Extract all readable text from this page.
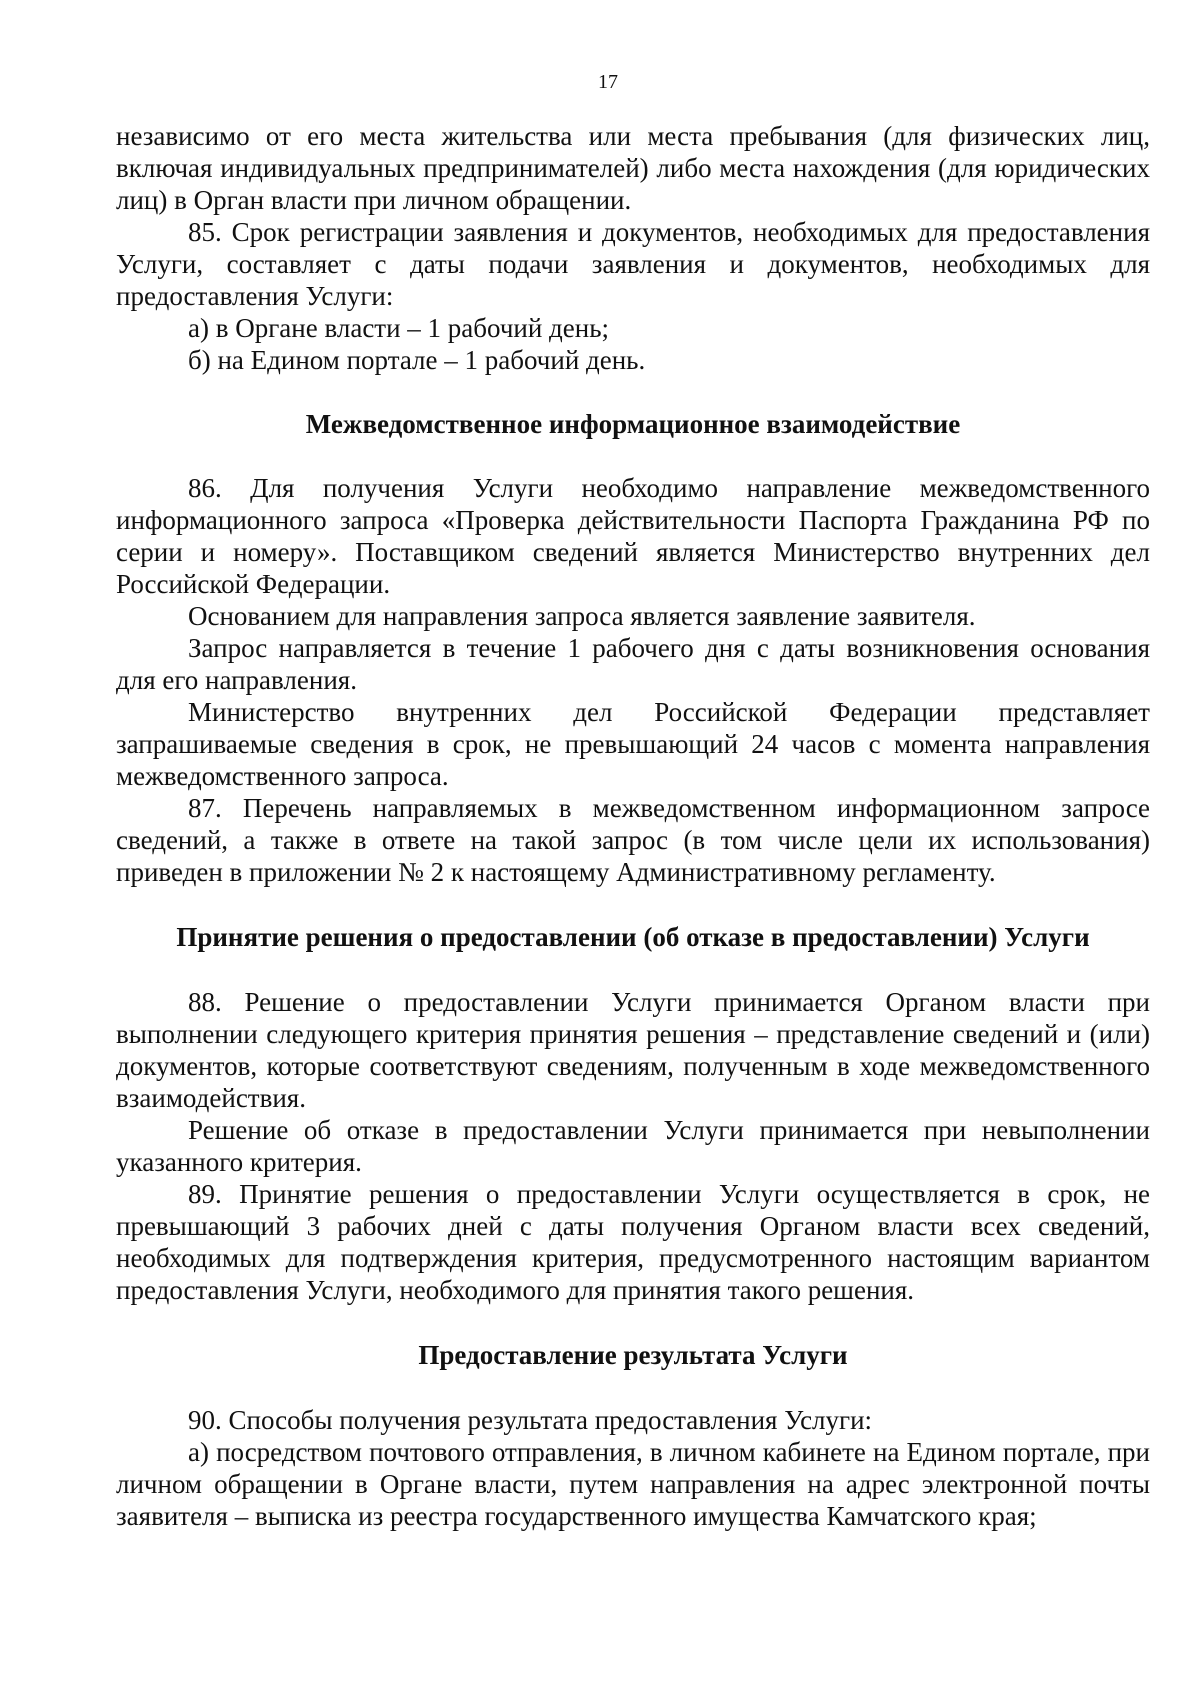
17

независимо от его места жительства или места пребывания (для физических лиц, включая индивидуальных предпринимателей) либо места нахождения (для юридических лиц) в Орган власти при личном обращении.

85. Срок регистрации заявления и документов, необходимых для предоставления Услуги, составляет с даты подачи заявления и документов, необходимых для предоставления Услуги:

а) в Органе власти – 1 рабочий день;

б) на Едином портале – 1 рабочий день.

Межведомственное информационное взаимодействие

86. Для получения Услуги необходимо направление межведомственного информационного запроса «Проверка действительности Паспорта Гражданина РФ по серии и номеру». Поставщиком сведений является Министерство внутренних дел Российской Федерации.

Основанием для направления запроса является заявление заявителя.

Запрос направляется в течение 1 рабочего дня с даты возникновения основания для его направления.

Министерство внутренних дел Российской Федерации представляет запрашиваемые сведения в срок, не превышающий 24 часов с момента направления межведомственного запроса.

87. Перечень направляемых в межведомственном информационном запросе сведений, а также в ответе на такой запрос (в том числе цели их использования) приведен в приложении № 2 к настоящему Административному регламенту.

Принятие решения о предоставлении (об отказе в предоставлении) Услуги

88. Решение о предоставлении Услуги принимается Органом власти при выполнении следующего критерия принятия решения – представление сведений и (или) документов, которые соответствуют сведениям, полученным в ходе межведомственного взаимодействия.

Решение об отказе в предоставлении Услуги принимается при невыполнении указанного критерия.

89. Принятие решения о предоставлении Услуги осуществляется в срок, не превышающий 3 рабочих дней с даты получения Органом власти всех сведений, необходимых для подтверждения критерия, предусмотренного настоящим вариантом предоставления Услуги, необходимого для принятия такого решения.

Предоставление результата Услуги

90. Способы получения результата предоставления Услуги:

а) посредством почтового отправления, в личном кабинете на Едином портале, при личном обращении в Органе власти, путем направления на адрес электронной почты заявителя – выписка из реестра государственного имущества Камчатского края;
